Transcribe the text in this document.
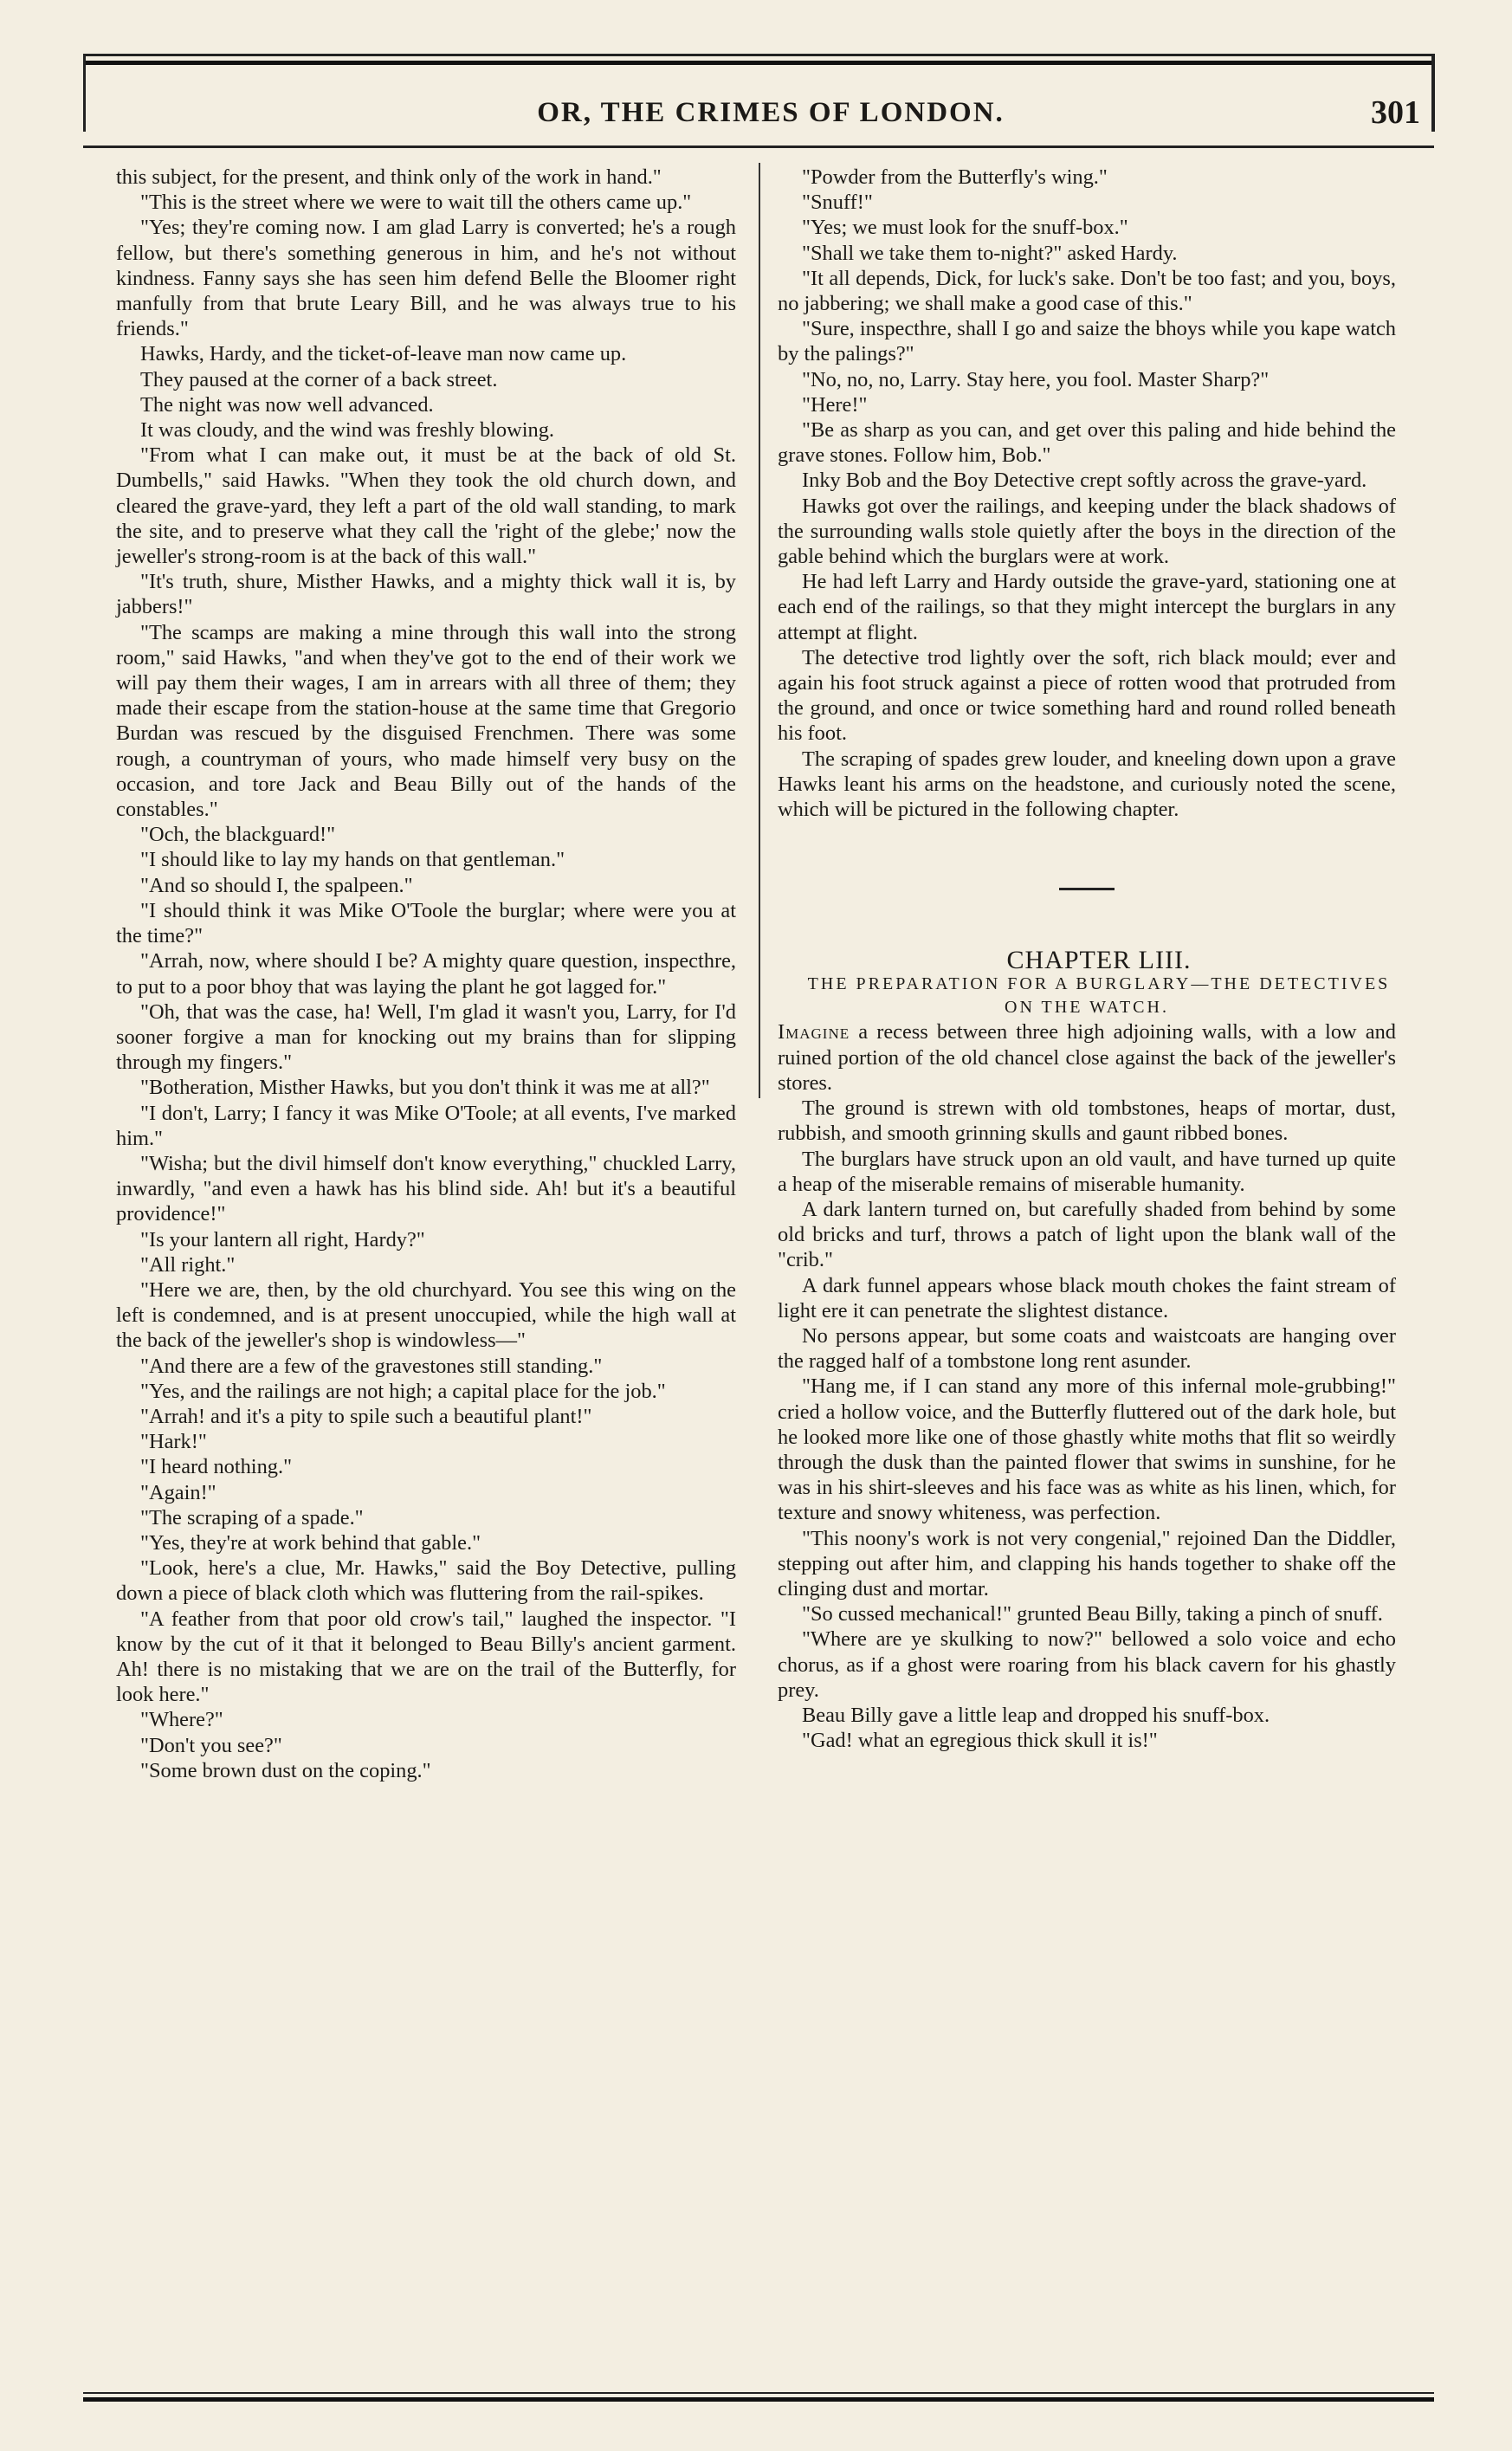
OR, THE CRIMES OF LONDON.	301

this subject, for the present, and think only of the work in hand."

"This is the street where we were to wait till the others came up."

"Yes; they're coming now. I am glad Larry is converted; he's a rough fellow, but there's something generous in him, and he's not without kindness. Fanny says she has seen him defend Belle the Bloomer right manfully from that brute Leary Bill, and he was always true to his friends."

Hawks, Hardy, and the ticket-of-leave man now came up.

They paused at the corner of a back street.

The night was now well advanced.

It was cloudy, and the wind was freshly blowing.

"From what I can make out, it must be at the back of old St. Dumbells," said Hawks. "When they took the old church down, and cleared the grave-yard, they left a part of the old wall standing, to mark the site, and to preserve what they call the 'right of the glebe;' now the jeweller's strong-room is at the back of this wall."

"It's truth, shure, Misther Hawks, and a mighty thick wall it is, by jabbers!"

"The scamps are making a mine through this wall into the strong room," said Hawks, "and when they've got to the end of their work we will pay them their wages, I am in arrears with all three of them; they made their escape from the station-house at the same time that Gregorio Burdan was rescued by the disguised Frenchmen. There was some rough, a countryman of yours, who made himself very busy on the occasion, and tore Jack and Beau Billy out of the hands of the constables."

"Och, the blackguard!"

"I should like to lay my hands on that gentleman."

"And so should I, the spalpeen."

"I should think it was Mike O'Toole the burglar; where were you at the time?"

"Arrah, now, where should I be? A mighty quare question, inspecthre, to put to a poor bhoy that was laying the plant he got lagged for."

"Oh, that was the case, ha! Well, I'm glad it wasn't you, Larry, for I'd sooner forgive a man for knocking out my brains than for slipping through my fingers."

"Botheration, Misther Hawks, but you don't think it was me at all?"

"I don't, Larry; I fancy it was Mike O'Toole; at all events, I've marked him."

"Wisha; but the divil himself don't know everything," chuckled Larry, inwardly, "and even a hawk has his blind side. Ah! but it's a beautiful providence!"

"Is your lantern all right, Hardy?"

"All right."

"Here we are, then, by the old churchyard. You see this wing on the left is condemned, and is at present unoccupied, while the high wall at the back of the jeweller's shop is windowless—"

"And there are a few of the gravestones still standing."

"Yes, and the railings are not high; a capital place for the job."

"Arrah! and it's a pity to spile such a beautiful plant!"

"Hark!"

"I heard nothing."

"Again!"

"The scraping of a spade."

"Yes, they're at work behind that gable."

"Look, here's a clue, Mr. Hawks," said the Boy Detective, pulling down a piece of black cloth which was fluttering from the rail-spikes.

"A feather from that poor old crow's tail," laughed the inspector. "I know by the cut of it that it belonged to Beau Billy's ancient garment. Ah! there is no mistaking that we are on the trail of the Butterfly, for look here."

"Where?"

"Don't you see?"

"Some brown dust on the coping."

"Powder from the Butterfly's wing."

"Snuff!"

"Yes; we must look for the snuff-box."

"Shall we take them to-night?" asked Hardy.

"It all depends, Dick, for luck's sake. Don't be too fast; and you, boys, no jabbering; we shall make a good case of this."

"Sure, inspecthre, shall I go and saize the bhoys while you kape watch by the palings?"

"No, no, no, Larry. Stay here, you fool. Master Sharp?"

"Here!"

"Be as sharp as you can, and get over this paling and hide behind the grave stones. Follow him, Bob."

Inky Bob and the Boy Detective crept softly across the grave-yard.

Hawks got over the railings, and keeping under the black shadows of the surrounding walls stole quietly after the boys in the direction of the gable behind which the burglars were at work.

He had left Larry and Hardy outside the grave-yard, stationing one at each end of the railings, so that they might intercept the burglars in any attempt at flight.

The detective trod lightly over the soft, rich black mould; ever and again his foot struck against a piece of rotten wood that protruded from the ground, and once or twice something hard and round rolled beneath his foot.

The scraping of spades grew louder, and kneeling down upon a grave Hawks leant his arms on the headstone, and curiously noted the scene, which will be pictured in the following chapter.

CHAPTER LIII.

THE PREPARATION FOR A BURGLARY—THE DETECTIVES ON THE WATCH.

Imagine a recess between three high adjoining walls, with a low and ruined portion of the old chancel close against the back of the jeweller's stores.

The ground is strewn with old tombstones, heaps of mortar, dust, rubbish, and smooth grinning skulls and gaunt ribbed bones.

The burglars have struck upon an old vault, and have turned up quite a heap of the miserable remains of miserable humanity.

A dark lantern turned on, but carefully shaded from behind by some old bricks and turf, throws a patch of light upon the blank wall of the "crib."

A dark funnel appears whose black mouth chokes the faint stream of light ere it can penetrate the slightest distance.

No persons appear, but some coats and waistcoats are hanging over the ragged half of a tombstone long rent asunder.

"Hang me, if I can stand any more of this infernal mole-grubbing!" cried a hollow voice, and the Butterfly fluttered out of the dark hole, but he looked more like one of those ghastly white moths that flit so weirdly through the dusk than the painted flower that swims in sunshine, for he was in his shirt-sleeves and his face was as white as his linen, which, for texture and snowy whiteness, was perfection.

"This noony's work is not very congenial," rejoined Dan the Diddler, stepping out after him, and clapping his hands together to shake off the clinging dust and mortar.

"So cussed mechanical!" grunted Beau Billy, taking a pinch of snuff.

"Where are ye skulking to now?" bellowed a solo voice and echo chorus, as if a ghost were roaring from his black cavern for his ghastly prey.

Beau Billy gave a little leap and dropped his snuff-box.

"Gad! what an egregious thick skull it is!"
